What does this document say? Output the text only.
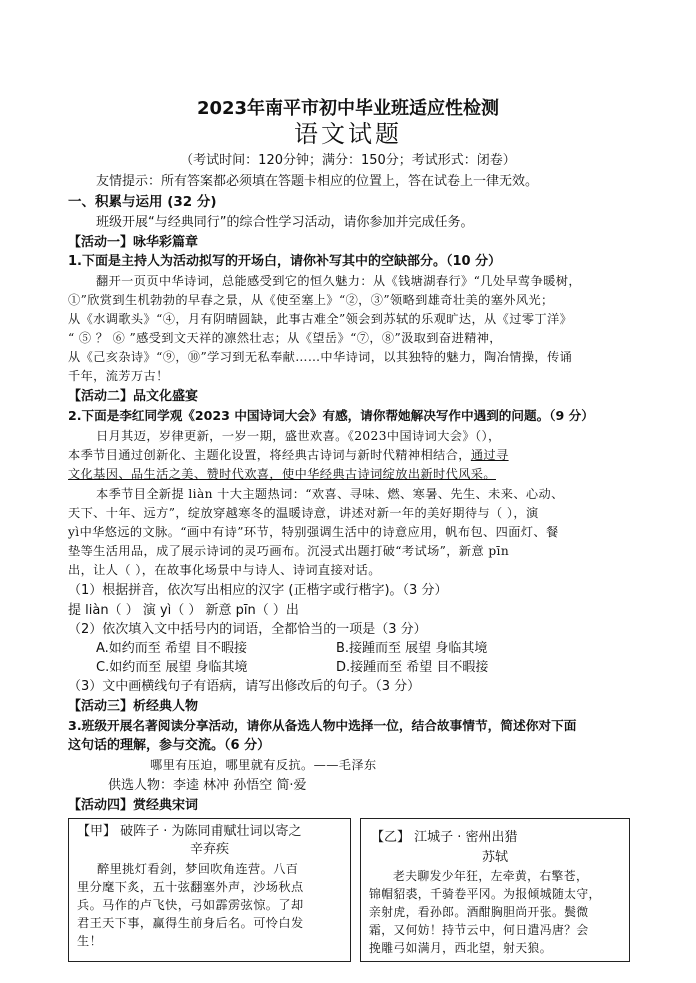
2023年南平市初中毕业班适应性检测
语文试题
（考试时间：120分钟；满分：150分；考试形式：闭卷）
友情提示：所有答案都必须填在答题卡相应的位置上，答在试卷上一律无效。
一、积累与运用 (32 分)
班级开展“与经典同行”的综合性学习活动，请你参加并完成任务。
【活动一】咏华彩篇章
1.下面是主持人为活动拟写的开场白，请你补写其中的空缺部分。（10 分）
翻开一页页中华诗词，总能感受到它的恒久魅力：从《钱塘湖春行》“几处早莺争暖树，
①”欣赏到生机勃勃的早春之景，从《使至塞上》“②，③”领略到雄奇壮美的塞外风光；
从《水调歌头》“④，月有阴晴圆缺，此事古难全”领会到苏轼的乐观旷达，从《过零丁洋》
“ ⑤ ？ ⑥ ”感受到文天祥的凛然壮志；从《望岳》“⑦，⑧”汲取到奋进精神，
从《己亥杂诗》“⑨，⑩”学习到无私奉献……中华诗词，以其独特的魅力，陶冶情操，传诵
千年，流芳万古！
【活动二】品文化盛宴
2.下面是李红同学观《2023 中国诗词大会》有感，请你帮她解决写作中遇到的问题。（9 分）
日月其迈，岁律更新，一岁一期，盛世欢喜。《2023中国诗词大会》（），
本季节目通过创新化、主题化设置，将经典古诗词与新时代精神相结合，通过寻
文化基因、品生活之美、赞时代欢喜，使中华经典古诗词绽放出新时代风采。
本季节目全新提 liàn 十大主题热词：“欢喜、寻味、燃、寒暑、先生、未来、心动、
天下、十年、远方”，绽放穿越寒冬的温暖诗意，讲述对新一年的美好期待与（ ），演
yì中华悠远的文脉。“画中有诗”环节，特别强调生活中的诗意应用，帆布包、四面灯、餐
垫等生活用品，成了展示诗词的灵巧画布。沉浸式出题打破“考试场”，新意 pīn
出，让人（ ），在故事化场景中与诗人、诗词直接对话。
（1）根据拼音，依次写出相应的汉字 (正楷字或行楷字)。（3 分）
提 liàn（ ） 演 yì（ ） 新意 pīn（ ）出
（2）依次填入文中括号内的词语，全都恰当的一项是（3 分）
A.如约而至 希望 目不暇接	B.接踵而至 展望 身临其境
C.如约而至 展望 身临其境	D.接踵而至 希望 目不暇接
（3）文中画横线句子有语病，请写出修改后的句子。（3 分）
【活动三】析经典人物
3.班级开展名著阅读分享活动，请你从备选人物中选择一位，结合故事情节，简述你对下面
这句话的理解，参与交流。（6 分）
哪里有压迫，哪里就有反抗。——毛泽东
供选人物：李逵 林冲 孙悟空 简·爱
【活动四】赏经典宋词
【甲】 破阵子 · 为陈同甫赋壮词以寄之
辛弃疾
醉里挑灯看剑，梦回吹角连营。八百
里分麾下炙，五十弦翻塞外声，沙场秋点
兵。马作的卢飞快，弓如霹雳弦惊。了却
君王天下事，赢得生前身后名。可怜白发
生！
【乙】 江城子 · 密州出猎
苏轼
老夫聊发少年狂，左牵黄，右擎苍，
锦帽貂裘，千骑卷平冈。为报倾城随太守，
亲射虎，看孙郎。酒酣胸胆尚开张。鬓微
霜，又何妨！持节云中，何日遣冯唐？会
挽雕弓如满月，西北望，射天狼。
